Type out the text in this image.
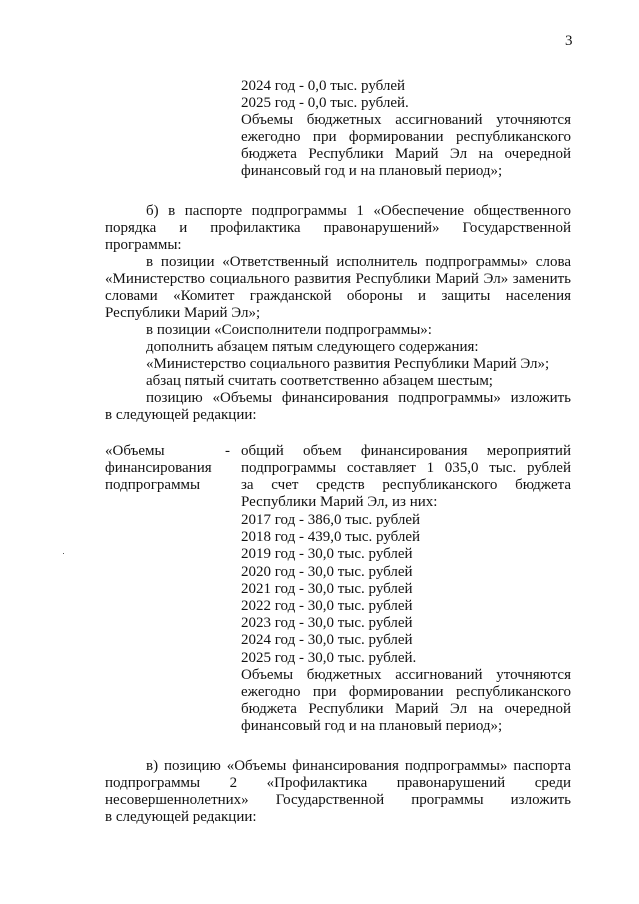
3
2024 год - 0,0 тыс. рублей
2025 год - 0,0 тыс. рублей.
Объемы бюджетных ассигнований уточняются
ежегодно при формировании республиканского
бюджета Республики Марий Эл на очередной
финансовый год и на плановый период»;
б) в паспорте подпрограммы 1 «Обеспечение общественного
порядка и профилактика правонарушений» Государственной
программы:
в позиции «Ответственный исполнитель подпрограммы» слова
«Министерство социального развития Республики Марий Эл» заменить
словами «Комитет гражданской обороны и защиты населения
Республики Марий Эл»;
в позиции «Соисполнители подпрограммы»:
дополнить абзацем пятым следующего содержания:
«Министерство социального развития Республики Марий Эл»;
абзац пятый считать соответственно абзацем шестым;
позицию «Объемы финансирования подпрограммы» изложить
в следующей редакции:
«Объемы
финансирования
подпрограммы
- общий объем финансирования мероприятий
подпрограммы составляет 1 035,0 тыс. рублей
за счет средств республиканского бюджета
Республики Марий Эл, из них:
2017 год - 386,0 тыс. рублей
2018 год - 439,0 тыс. рублей
2019 год - 30,0 тыс. рублей
2020 год - 30,0 тыс. рублей
2021 год - 30,0 тыс. рублей
2022 год - 30,0 тыс. рублей
2023 год - 30,0 тыс. рублей
2024 год - 30,0 тыс. рублей
2025 год - 30,0 тыс. рублей.
Объемы бюджетных ассигнований уточняются
ежегодно при формировании республиканского
бюджета Республики Марий Эл на очередной
финансовый год и на плановый период»;
в) позицию «Объемы финансирования подпрограммы» паспорта
подпрограммы 2 «Профилактика правонарушений среди
несовершеннолетних» Государственной программы изложить
в следующей редакции:
